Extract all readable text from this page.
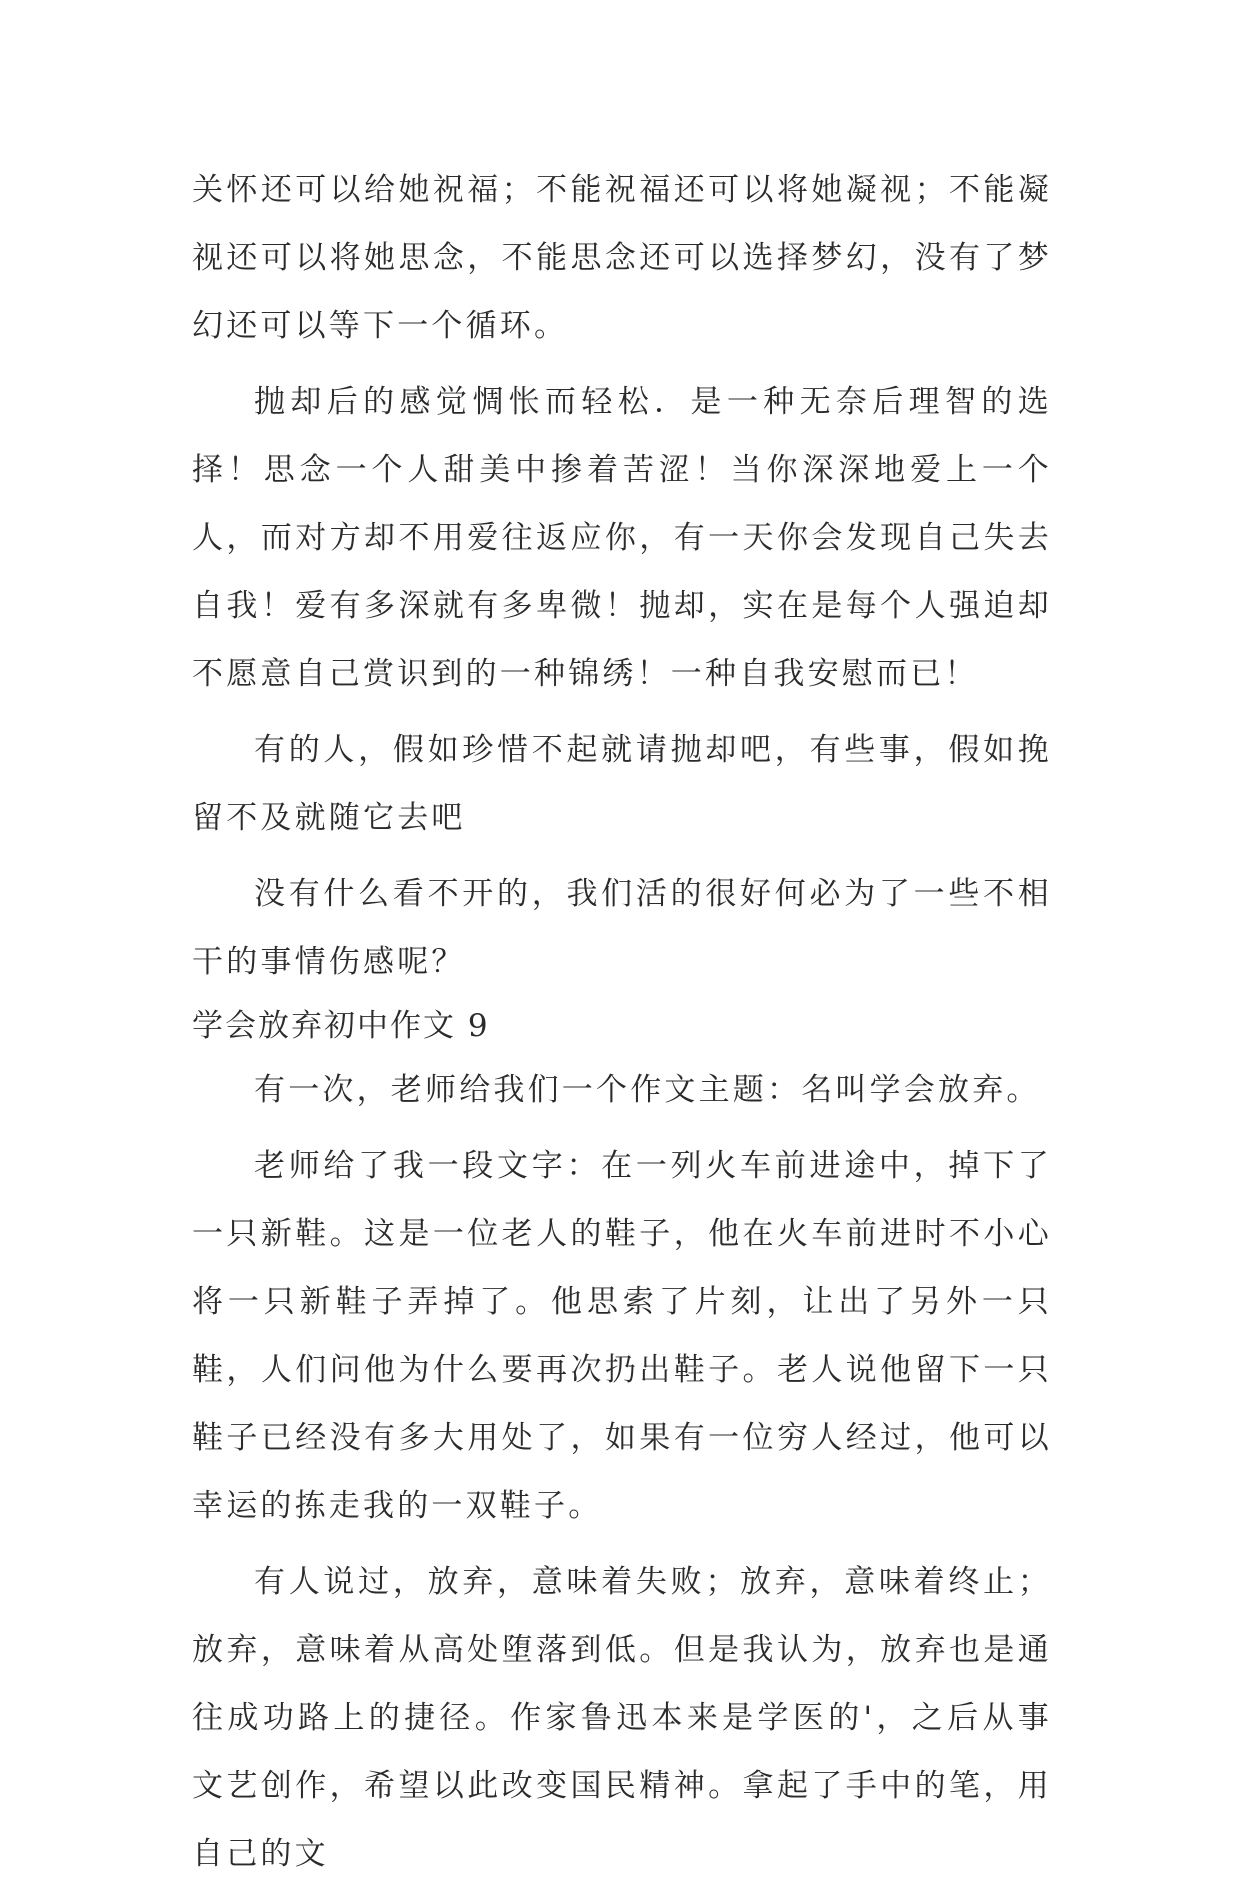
关怀还可以给她祝福；不能祝福还可以将她凝视；不能凝视还可以将她思念，不能思念还可以选择梦幻，没有了梦幻还可以等下一个循环。

抛却后的感觉惆怅而轻松．是一种无奈后理智的选择！思念一个人甜美中掺着苦涩！当你深深地爱上一个人，而对方却不用爱往返应你，有一天你会发现自己失去自我！爱有多深就有多卑微！抛却，实在是每个人强迫却不愿意自己赏识到的一种锦绣！一种自我安慰而已！

有的人，假如珍惜不起就请抛却吧，有些事，假如挽留不及就随它去吧

没有什么看不开的，我们活的很好何必为了一些不相干的事情伤感呢？

学会放弃初中作文 9

有一次，老师给我们一个作文主题：名叫学会放弃。

老师给了我一段文字：在一列火车前进途中，掉下了一只新鞋。这是一位老人的鞋子，他在火车前进时不小心将一只新鞋子弄掉了。他思索了片刻，让出了另外一只鞋，人们问他为什么要再次扔出鞋子。老人说他留下一只鞋子已经没有多大用处了，如果有一位穷人经过，他可以幸运的拣走我的一双鞋子。

有人说过，放弃，意味着失败；放弃，意味着终止；放弃，意味着从高处堕落到低。但是我认为，放弃也是通往成功路上的捷径。作家鲁迅本来是学医的'，之后从事文艺创作，希望以此改变国民精神。拿起了手中的笔，用自己的文
